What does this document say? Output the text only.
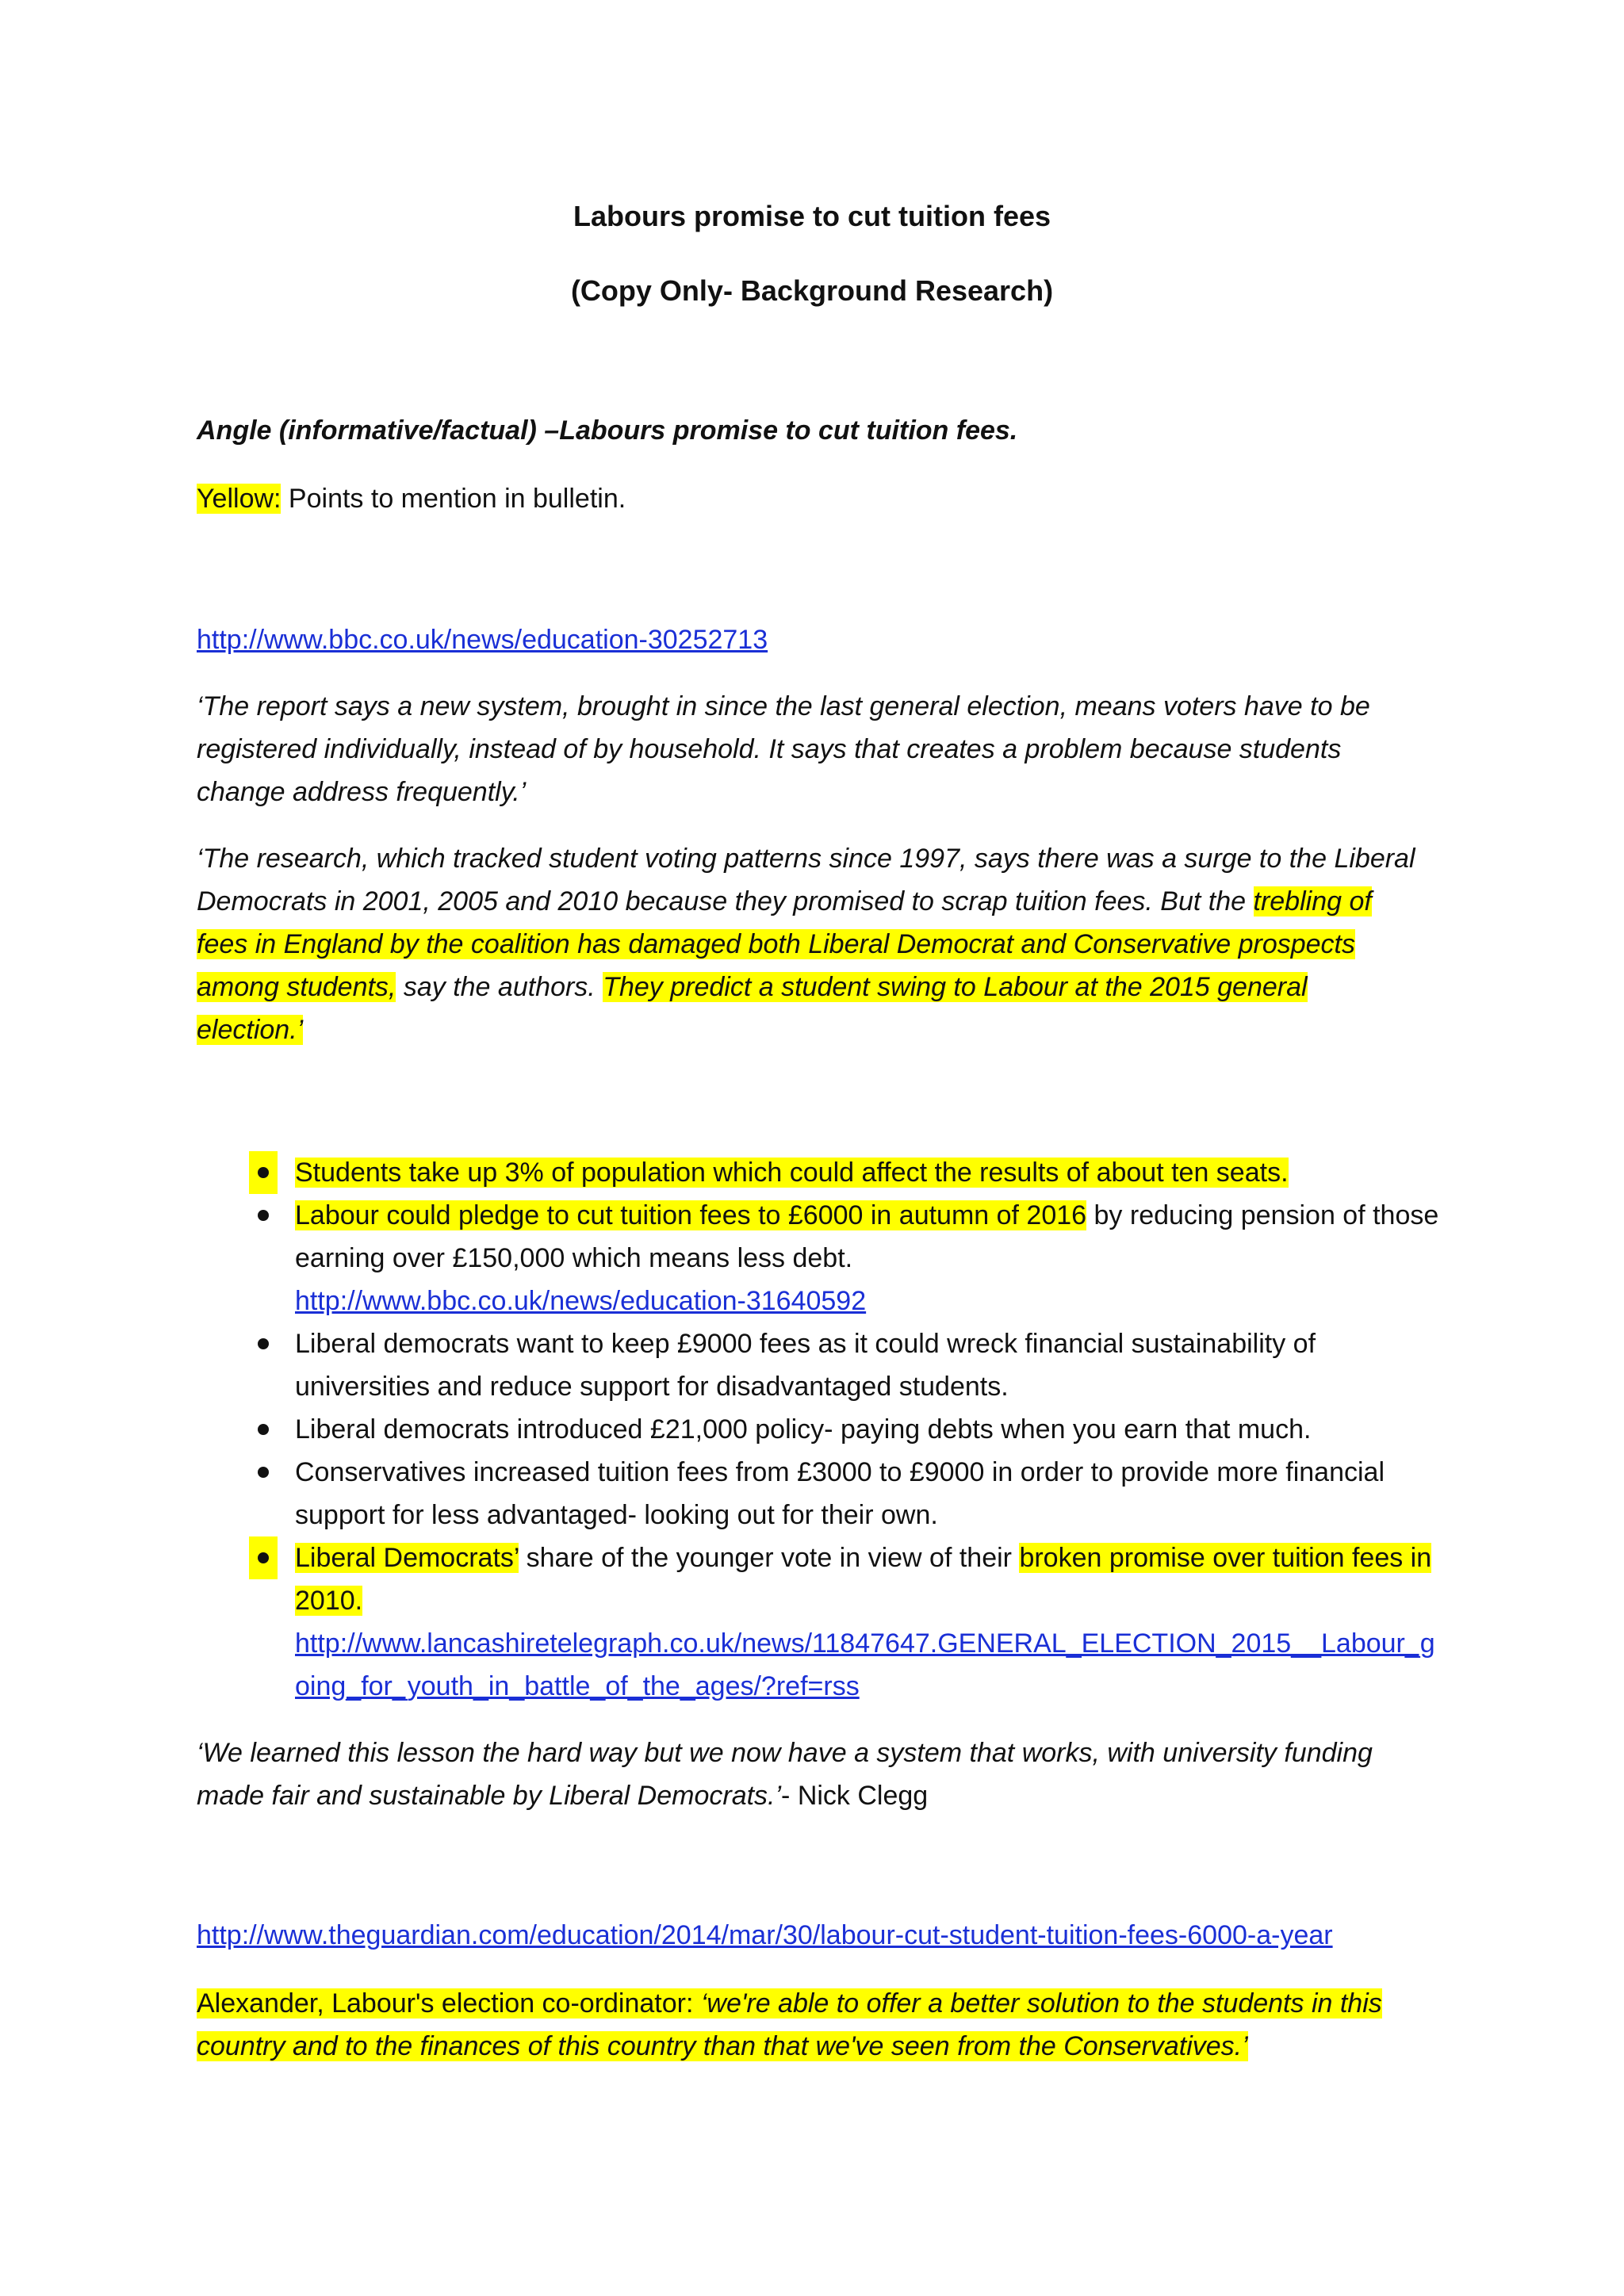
Labours promise to cut tuition fees
(Copy Only- Background Research)
Angle (informative/factual) –Labours promise to cut tuition fees.
Yellow: Points to mention in bulletin.
http://www.bbc.co.uk/news/education-30252713
‘The report says a new system, brought in since the last general election, means voters have to be registered individually, instead of by household. It says that creates a problem because students change address frequently.’
‘The research, which tracked student voting patterns since 1997, says there was a surge to the Liberal Democrats in 2001, 2005 and 2010 because they promised to scrap tuition fees. But the trebling of fees in England by the coalition has damaged both Liberal Democrat and Conservative prospects among students, say the authors. They predict a student swing to Labour at the 2015 general election.’
Students take up 3% of population which could affect the results of about ten seats.
Labour could pledge to cut tuition fees to £6000 in autumn of 2016 by reducing pension of those earning over £150,000 which means less debt.
http://www.bbc.co.uk/news/education-31640592
Liberal democrats want to keep £9000 fees as it could wreck financial sustainability of universities and reduce support for disadvantaged students.
Liberal democrats introduced £21,000 policy- paying debts when you earn that much.
Conservatives increased tuition fees from £3000 to £9000 in order to provide more financial support for less advantaged- looking out for their own.
Liberal Democrats’ share of the younger vote in view of their broken promise over tuition fees in 2010.
http://www.lancashiretelegraph.co.uk/news/11847647.GENERAL_ELECTION_2015__Labour_going_for_youth_in_battle_of_the_ages/?ref=rss
‘We learned this lesson the hard way but we now have a system that works, with university funding made fair and sustainable by Liberal Democrats.’- Nick Clegg
http://www.theguardian.com/education/2014/mar/30/labour-cut-student-tuition-fees-6000-a-year
Alexander, Labour's election co-ordinator: ‘we're able to offer a better solution to the students in this country and to the finances of this country than that we've seen from the Conservatives.’
